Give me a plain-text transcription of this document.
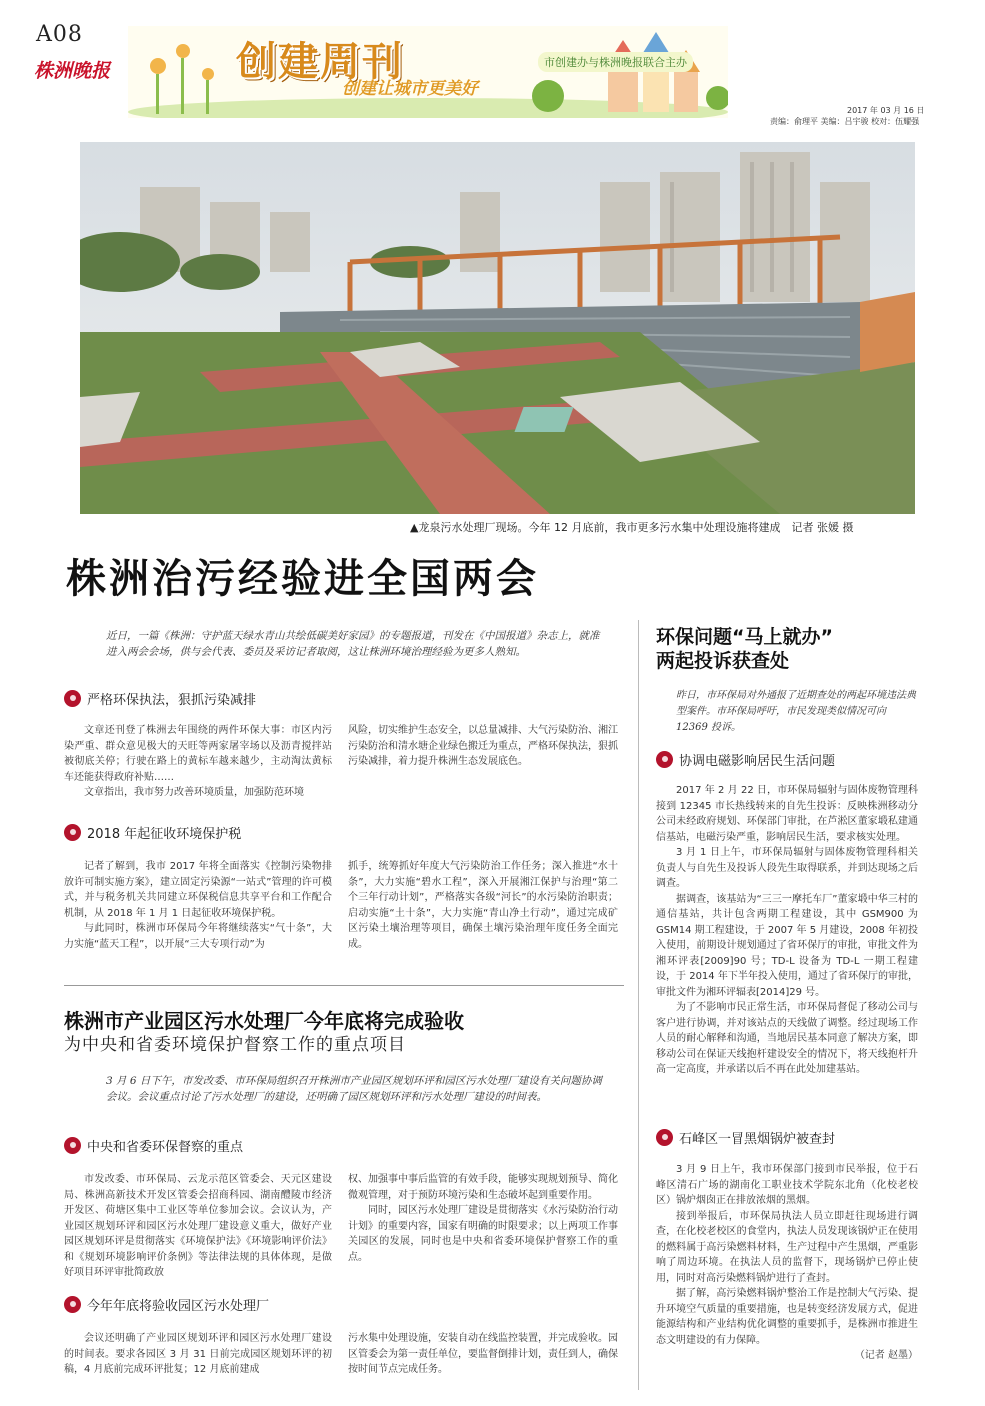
A08
株洲晚报	创建周刊
创建让城市更美好
市创建办与株洲晚报联合主办
2017 年 03 月 16 日
责编：俞理平 美编：吕宇骏 校对：伍耀强
▲龙泉污水处理厂现场。今年 12 月底前，我市更多污水集中处理设施将建成　记者 张媛 摄
株洲治污经验进全国两会
近日，一篇《株洲：守护蓝天绿水青山共绘低碳美好家园》的专题报道，刊发在《中国报道》杂志上，就准进入两会会场，供与会代表、委员及采访记者取阅，这让株洲环境治理经验为更多人熟知。
严格环保执法，狠抓污染减排

文章还刊登了株洲去年围绕的两件环保大事：市区内污染严重、群众意见极大的天旺等两家屠宰场以及沥青搅拌站被彻底关停；行驶在路上的黄标车越来越少，主动淘汰黄标车还能获得政府补贴……

文章指出，我市努力改善环境质量，加强防范环境

风险，切实维护生态安全，以总量减排、大气污染防治、湘江污染防治和清水塘企业绿色搬迁为重点，严格环保执法，狠抓污染减排，着力提升株洲生态发展底色。

2018 年起征收环境保护税

记者了解到，我市 2017 年将全面落实《控制污染物排放许可制实施方案》，建立固定污染源“一站式”管理的许可模式，并与税务机关共同建立环保税信息共享平台和工作配合机制，从 2018 年 1 月 1 日起征收环境保护税。

与此同时，株洲市环保局今年将继续落实“气十条”，大力实施“蓝天工程”，以开展“三大专项行动”为

抓手，统筹抓好年度大气污染防治工作任务；深入推进“水十条”，大力实施“碧水工程”，深入开展湘江保护与治理“第二个三年行动计划”，严格落实各级“河长”的水污染防治职责；启动实施“土十条”，大力实施“青山净土行动”，通过完成矿区污染土壤治理等项目，确保土壤污染治理年度任务全面完成。

株洲市产业园区污水处理厂今年底将完成验收
为中央和省委环境保护督察工作的重点项目
3 月 6 日下午，市发改委、市环保局组织召开株洲市产业园区规划环评和园区污水处理厂建设有关问题协调会议。会议重点讨论了污水处理厂的建设，还明确了园区规划环评和污水处理厂建设的时间表。
中央和省委环保督察的重点

市发改委、市环保局、云龙示范区管委会、天元区建设局、株洲高新技术开发区管委会招商科园、湖南醴陵市经济开发区、荷塘区集中工业区等单位参加会议。会议认为，产业园区规划环评和园区污水处理厂建设意义重大，做好产业园区规划环评是贯彻落实《环境保护法》《环境影响评价法》和《规划环境影响评价条例》等法律法规的具体体现，是做好项目环评审批简政放

权、加强事中事后监管的有效手段，能够实现规划预导、简化微观管理，对于预防环境污染和生态破坏起到重要作用。

同时，园区污水处理厂建设是贯彻落实《水污染防治行动计划》的重要内容，国家有明确的时限要求；以上两项工作事关园区的发展，同时也是中央和省委环境保护督察工作的重点。

今年年底将验收园区污水处理厂

会议还明确了产业园区规划环评和园区污水处理厂建设的时间表。要求各园区 3 月 31 日前完成园区规划环评的初稿，4 月底前完成环评批复；12 月底前建成

污水集中处理设施，安装自动在线监控装置，并完成验收。园区管委会为第一责任单位，要监督倒排计划，责任到人，确保按时间节点完成任务。

环保问题“马上就办”
两起投诉获查处
昨日，市环保局对外通报了近期查处的两起环境违法典型案件。市环保局呼吁，市民发现类似情况可向 12369 投诉。
协调电磁影响居民生活问题

2017 年 2 月 22 日，市环保局辐射与固体废物管理科接到 12345 市长热线转来的自先生投诉：反映株洲移动分公司未经政府规划、环保部门审批，在芦淞区董家塅私建通信基站，电磁污染严重，影响居民生活，要求核实处理。

3 月 1 日上午，市环保局辐射与固体废物管理科相关负责人与自先生及投诉人段先生取得联系，并到达现场之后调查。

据调查，该基站为“三三一摩托车厂”董家塅中华三村的通信基站，共计包含两期工程建设，其中 GSM900 为 GSM14 期工程建设，于 2007 年 5 月建设，2008 年初投入使用，前期设计规划通过了省环保厅的审批，审批文件为湘环评表[2009]90 号；TD-L 设备为 TD-L 一期工程建设，于 2014 年下半年投入使用，通过了省环保厅的审批，审批文件为湘环评辐表[2014]29 号。

为了不影响市民正常生活，市环保局督促了移动公司与客户进行协调，并对该站点的天线做了调整。经过现场工作人员的耐心解释和沟通，当地居民基本同意了解决方案，即移动公司在保证天线抱杆建设安全的情况下，将天线抱杆升高一定高度，并承诺以后不再在此处加建基站。

石峰区一冒黑烟锅炉被查封

3 月 9 日上午，我市环保部门接到市民举报，位于石峰区清石广场的湖南化工职业技术学院东北角（化校老校区）锅炉烟囱正在排放浓烟的黑烟。

接到举报后，市环保局执法人员立即赶往现场进行调查，在化校老校区的食堂内，执法人员发现该锅炉正在使用的燃料属于高污染燃料材料，生产过程中产生黑烟，严重影响了周边环境。在执法人员的监督下，现场锅炉已停止使用，同时对高污染燃料锅炉进行了查封。

据了解，高污染燃料锅炉整治工作是控制大气污染、提升环境空气质量的重要措施，也是转变经济发展方式，促进能源结构和产业结构优化调整的重要抓手，是株洲市推进生态文明建设的有力保障。

（记者 赵墨）
